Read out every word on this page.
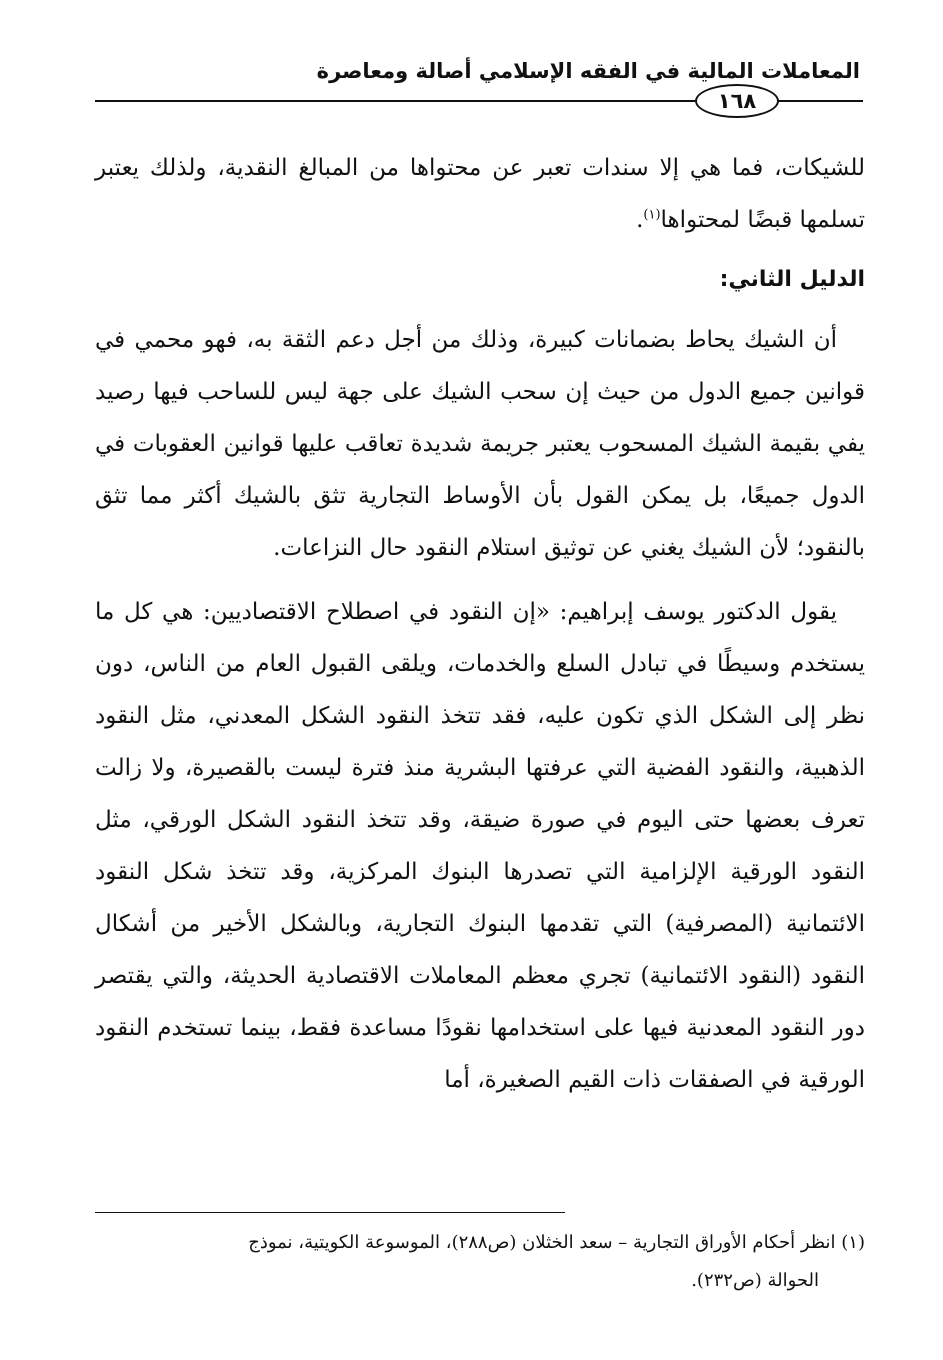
المعاملات المالية في الفقه الإسلامي أصالة ومعاصرة
١٦٨

للشيكات، فما هي إلا سندات تعبر عن محتواها من المبالغ النقدية، ولذلك يعتبر تسلمها قبضًا لمحتواها$^{(١)}$.

الدليل الثاني:

أن الشيك يحاط بضمانات كبيرة، وذلك من أجل دعم الثقة به، فهو محمي في قوانين جميع الدول من حيث إن سحب الشيك على جهة ليس للساحب فيها رصيد يفي بقيمة الشيك المسحوب يعتبر جريمة شديدة تعاقب عليها قوانين العقوبات في الدول جميعًا، بل يمكن القول بأن الأوساط التجارية تثق بالشيك أكثر مما تثق بالنقود؛ لأن الشيك يغني عن توثيق استلام النقود حال النزاعات.

يقول الدكتور يوسف إبراهيم: «إن النقود في اصطلاح الاقتصاديين: هي كل ما يستخدم وسيطًا في تبادل السلع والخدمات، ويلقى القبول العام من الناس، دون نظر إلى الشكل الذي تكون عليه، فقد تتخذ النقود الشكل المعدني، مثل النقود الذهبية، والنقود الفضية التي عرفتها البشرية منذ فترة ليست بالقصيرة، ولا زالت تعرف بعضها حتى اليوم في صورة ضيقة، وقد تتخذ النقود الشكل الورقي، مثل النقود الورقية الإلزامية التي تصدرها البنوك المركزية، وقد تتخذ شكل النقود الائتمانية (المصرفية) التي تقدمها البنوك التجارية، وبالشكل الأخير من أشكال النقود (النقود الائتمانية) تجري معظم المعاملات الاقتصادية الحديثة، والتي يقتصر دور النقود المعدنية فيها على استخدامها نقودًا مساعدة فقط، بينما تستخدم النقود الورقية في الصفقات ذات القيم الصغيرة، أما

(١) انظر أحكام الأوراق التجارية – سعد الخثلان (ص٢٨٨)، الموسوعة الكويتية، نموذج
الحوالة (ص٢٣٢).
